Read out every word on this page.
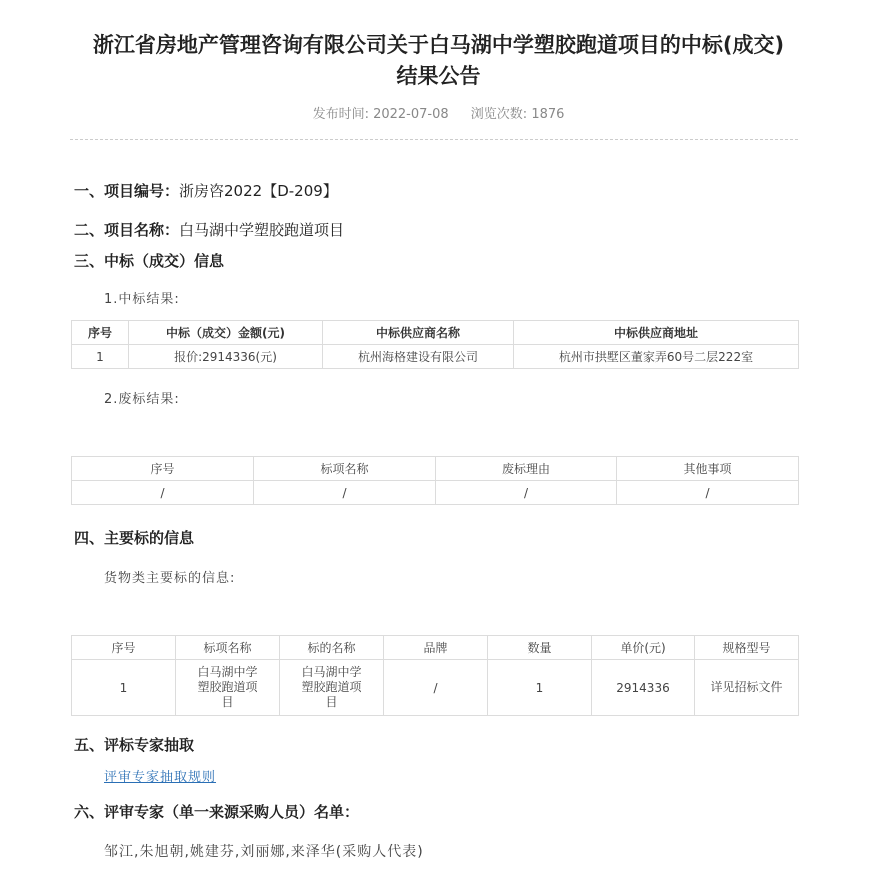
浙江省房地产管理咨询有限公司关于白马湖中学塑胶跑道项目的中标(成交)
结果公告
发布时间: 2022-07-08 浏览次数: 1876
一、项目编号：浙房咨2022【D-209】
二、项目名称：白马湖中学塑胶跑道项目
三、中标（成交）信息
1.中标结果:
序号	中标（成交）金额(元)	中标供应商名称	中标供应商地址
1	报价:2914336(元)	杭州海格建设有限公司	杭州市拱墅区董家弄60号二层222室
2.废标结果:
序号	标项名称	废标理由	其他事项
/	/	/	/
四、主要标的信息
货物类主要标的信息:
序号	标项名称	标的名称	品牌	数量	单价(元)	规格型号
1	白马湖中学塑胶跑道项目	白马湖中学塑胶跑道项目	/	1	2914336	详见招标文件
五、评标专家抽取
评审专家抽取规则
六、评审专家（单一来源采购人员）名单：
邹江,朱旭朝,姚建芬,刘丽娜,来泽华(采购人代表)
